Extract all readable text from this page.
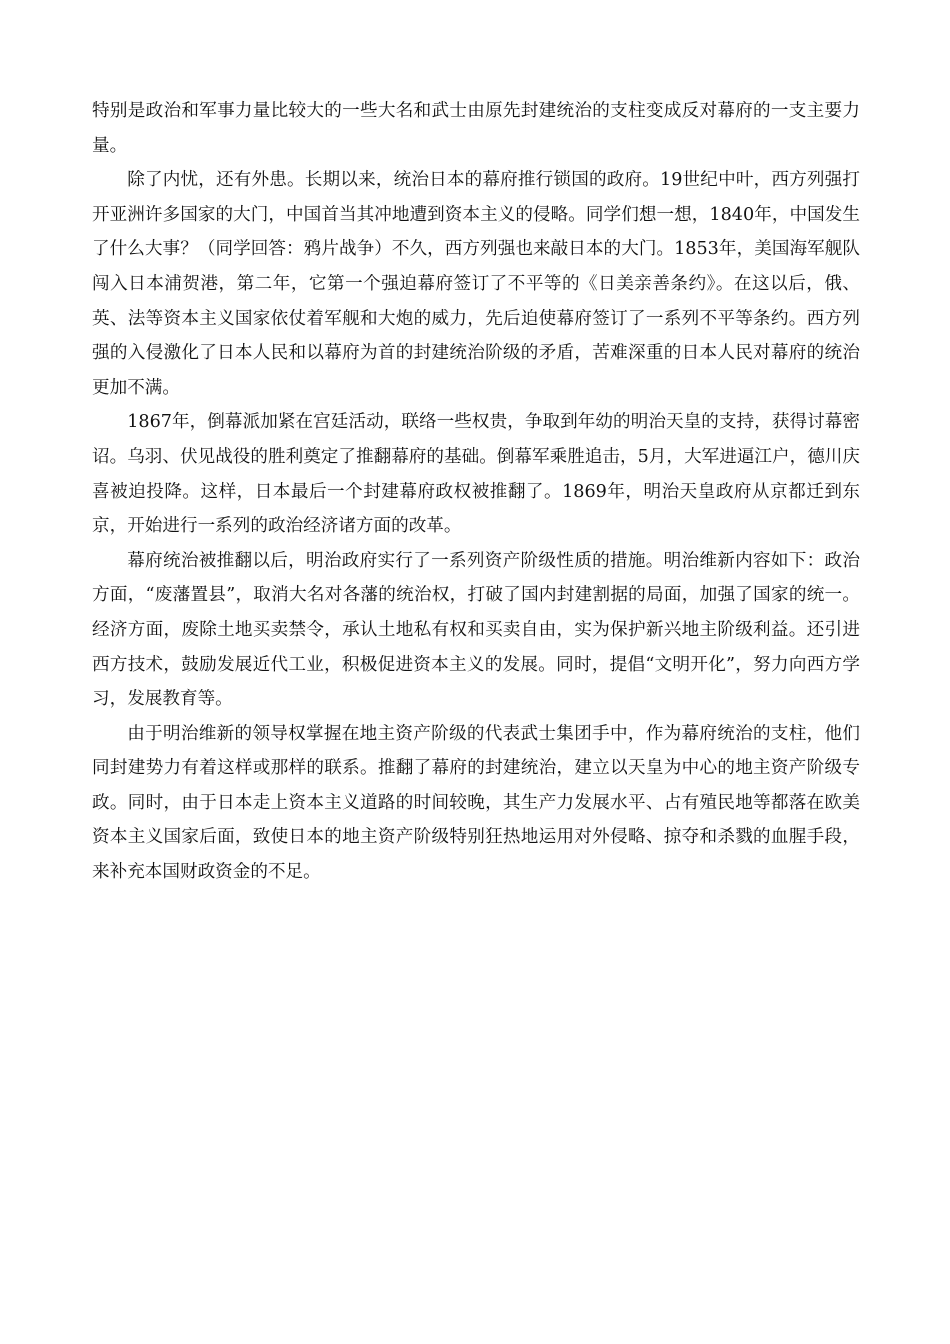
特别是政治和军事力量比较大的一些大名和武士由原先封建统治的支柱变成反对幕府的一支主要力量。

除了内忧，还有外患。长期以来，统治日本的幕府推行锁国的政府。19世纪中叶，西方列强打开亚洲许多国家的大门，中国首当其冲地遭到资本主义的侵略。同学们想一想，1840年，中国发生了什么大事？（同学回答：鸦片战争）不久，西方列强也来敲日本的大门。1853年，美国海军舰队闯入日本浦贺港，第二年，它第一个强迫幕府签订了不平等的《日美亲善条约》。在这以后，俄、英、法等资本主义国家依仗着军舰和大炮的威力，先后迫使幕府签订了一系列不平等条约。西方列强的入侵激化了日本人民和以幕府为首的封建统治阶级的矛盾，苦难深重的日本人民对幕府的统治更加不满。

1867年，倒幕派加紧在宫廷活动，联络一些权贵，争取到年幼的明治天皇的支持，获得讨幕密诏。乌羽、伏见战役的胜利奠定了推翻幕府的基础。倒幕军乘胜追击，5月，大军进逼江户，德川庆喜被迫投降。这样，日本最后一个封建幕府政权被推翻了。1869年，明治天皇政府从京都迁到东京，开始进行一系列的政治经济诸方面的改革。

幕府统治被推翻以后，明治政府实行了一系列资产阶级性质的措施。明治维新内容如下：政治方面，“废藩置县”，取消大名对各藩的统治权，打破了国内封建割据的局面，加强了国家的统一。经济方面，废除土地买卖禁令，承认土地私有权和买卖自由，实为保护新兴地主阶级利益。还引进西方技术，鼓励发展近代工业，积极促进资本主义的发展。同时，提倡“文明开化”，努力向西方学习，发展教育等。

由于明治维新的领导权掌握在地主资产阶级的代表武士集团手中，作为幕府统治的支柱，他们同封建势力有着这样或那样的联系。推翻了幕府的封建统治，建立以天皇为中心的地主资产阶级专政。同时，由于日本走上资本主义道路的时间较晚，其生产力发展水平、占有殖民地等都落在欧美资本主义国家后面，致使日本的地主资产阶级特别狂热地运用对外侵略、掠夺和杀戮的血腥手段，来补充本国财政资金的不足。
